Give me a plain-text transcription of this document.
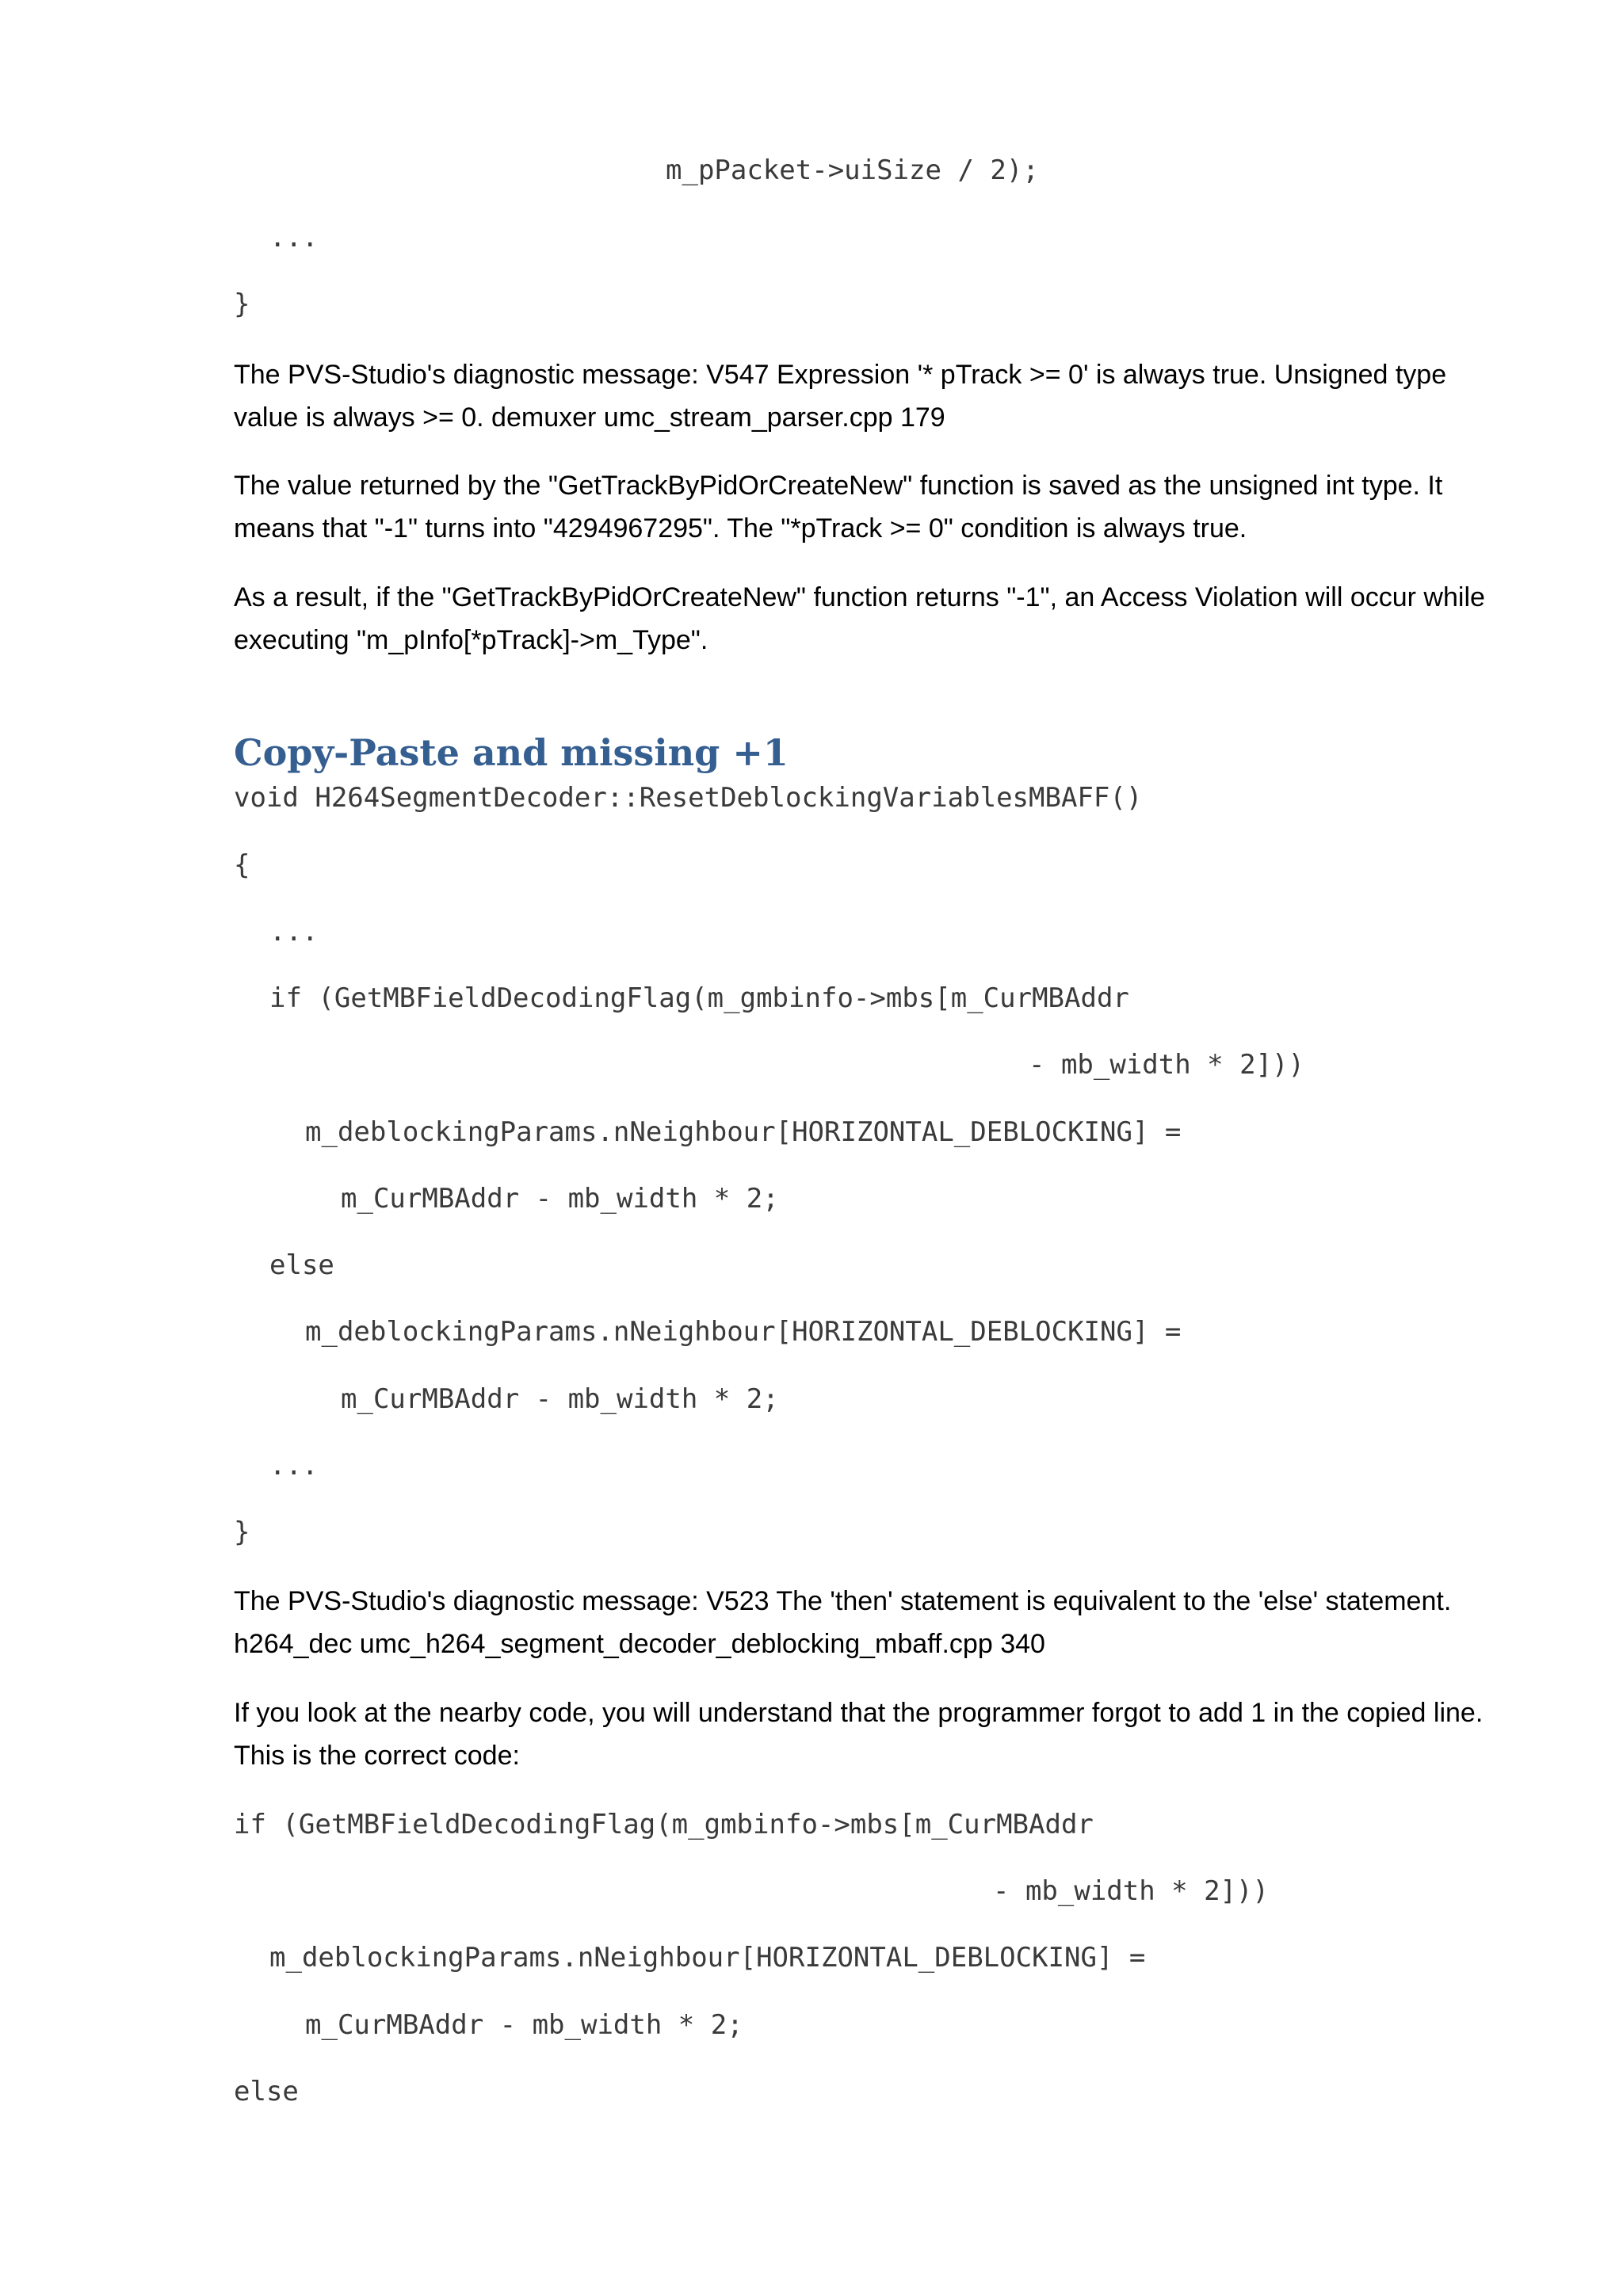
m_pPacket->uiSize / 2);
...
}

The PVS-Studio's diagnostic message: V547 Expression '* pTrack >= 0' is always true. Unsigned type value is always >= 0. demuxer umc_stream_parser.cpp 179

The value returned by the "GetTrackByPidOrCreateNew" function is saved as the unsigned int type. It means that "-1" turns into "4294967295". The "*pTrack >= 0" condition is always true.

As a result, if the "GetTrackByPidOrCreateNew" function returns "-1", an Access Violation will occur while executing "m_pInfo[*pTrack]->m_Type".

Copy-Paste and missing +1
void H264SegmentDecoder::ResetDeblockingVariablesMBAFF()
{
...
if (GetMBFieldDecodingFlag(m_gmbinfo->mbs[m_CurMBAddr
- mb_width * 2]))
m_deblockingParams.nNeighbour[HORIZONTAL_DEBLOCKING] =
m_CurMBAddr - mb_width * 2;
else
m_deblockingParams.nNeighbour[HORIZONTAL_DEBLOCKING] =
m_CurMBAddr - mb_width * 2;
...
}

The PVS-Studio's diagnostic message: V523 The 'then' statement is equivalent to the 'else' statement. h264_dec umc_h264_segment_decoder_deblocking_mbaff.cpp 340

If you look at the nearby code, you will understand that the programmer forgot to add 1 in the copied line. This is the correct code:

if (GetMBFieldDecodingFlag(m_gmbinfo->mbs[m_CurMBAddr
- mb_width * 2]))
m_deblockingParams.nNeighbour[HORIZONTAL_DEBLOCKING] =
m_CurMBAddr - mb_width * 2;
else
